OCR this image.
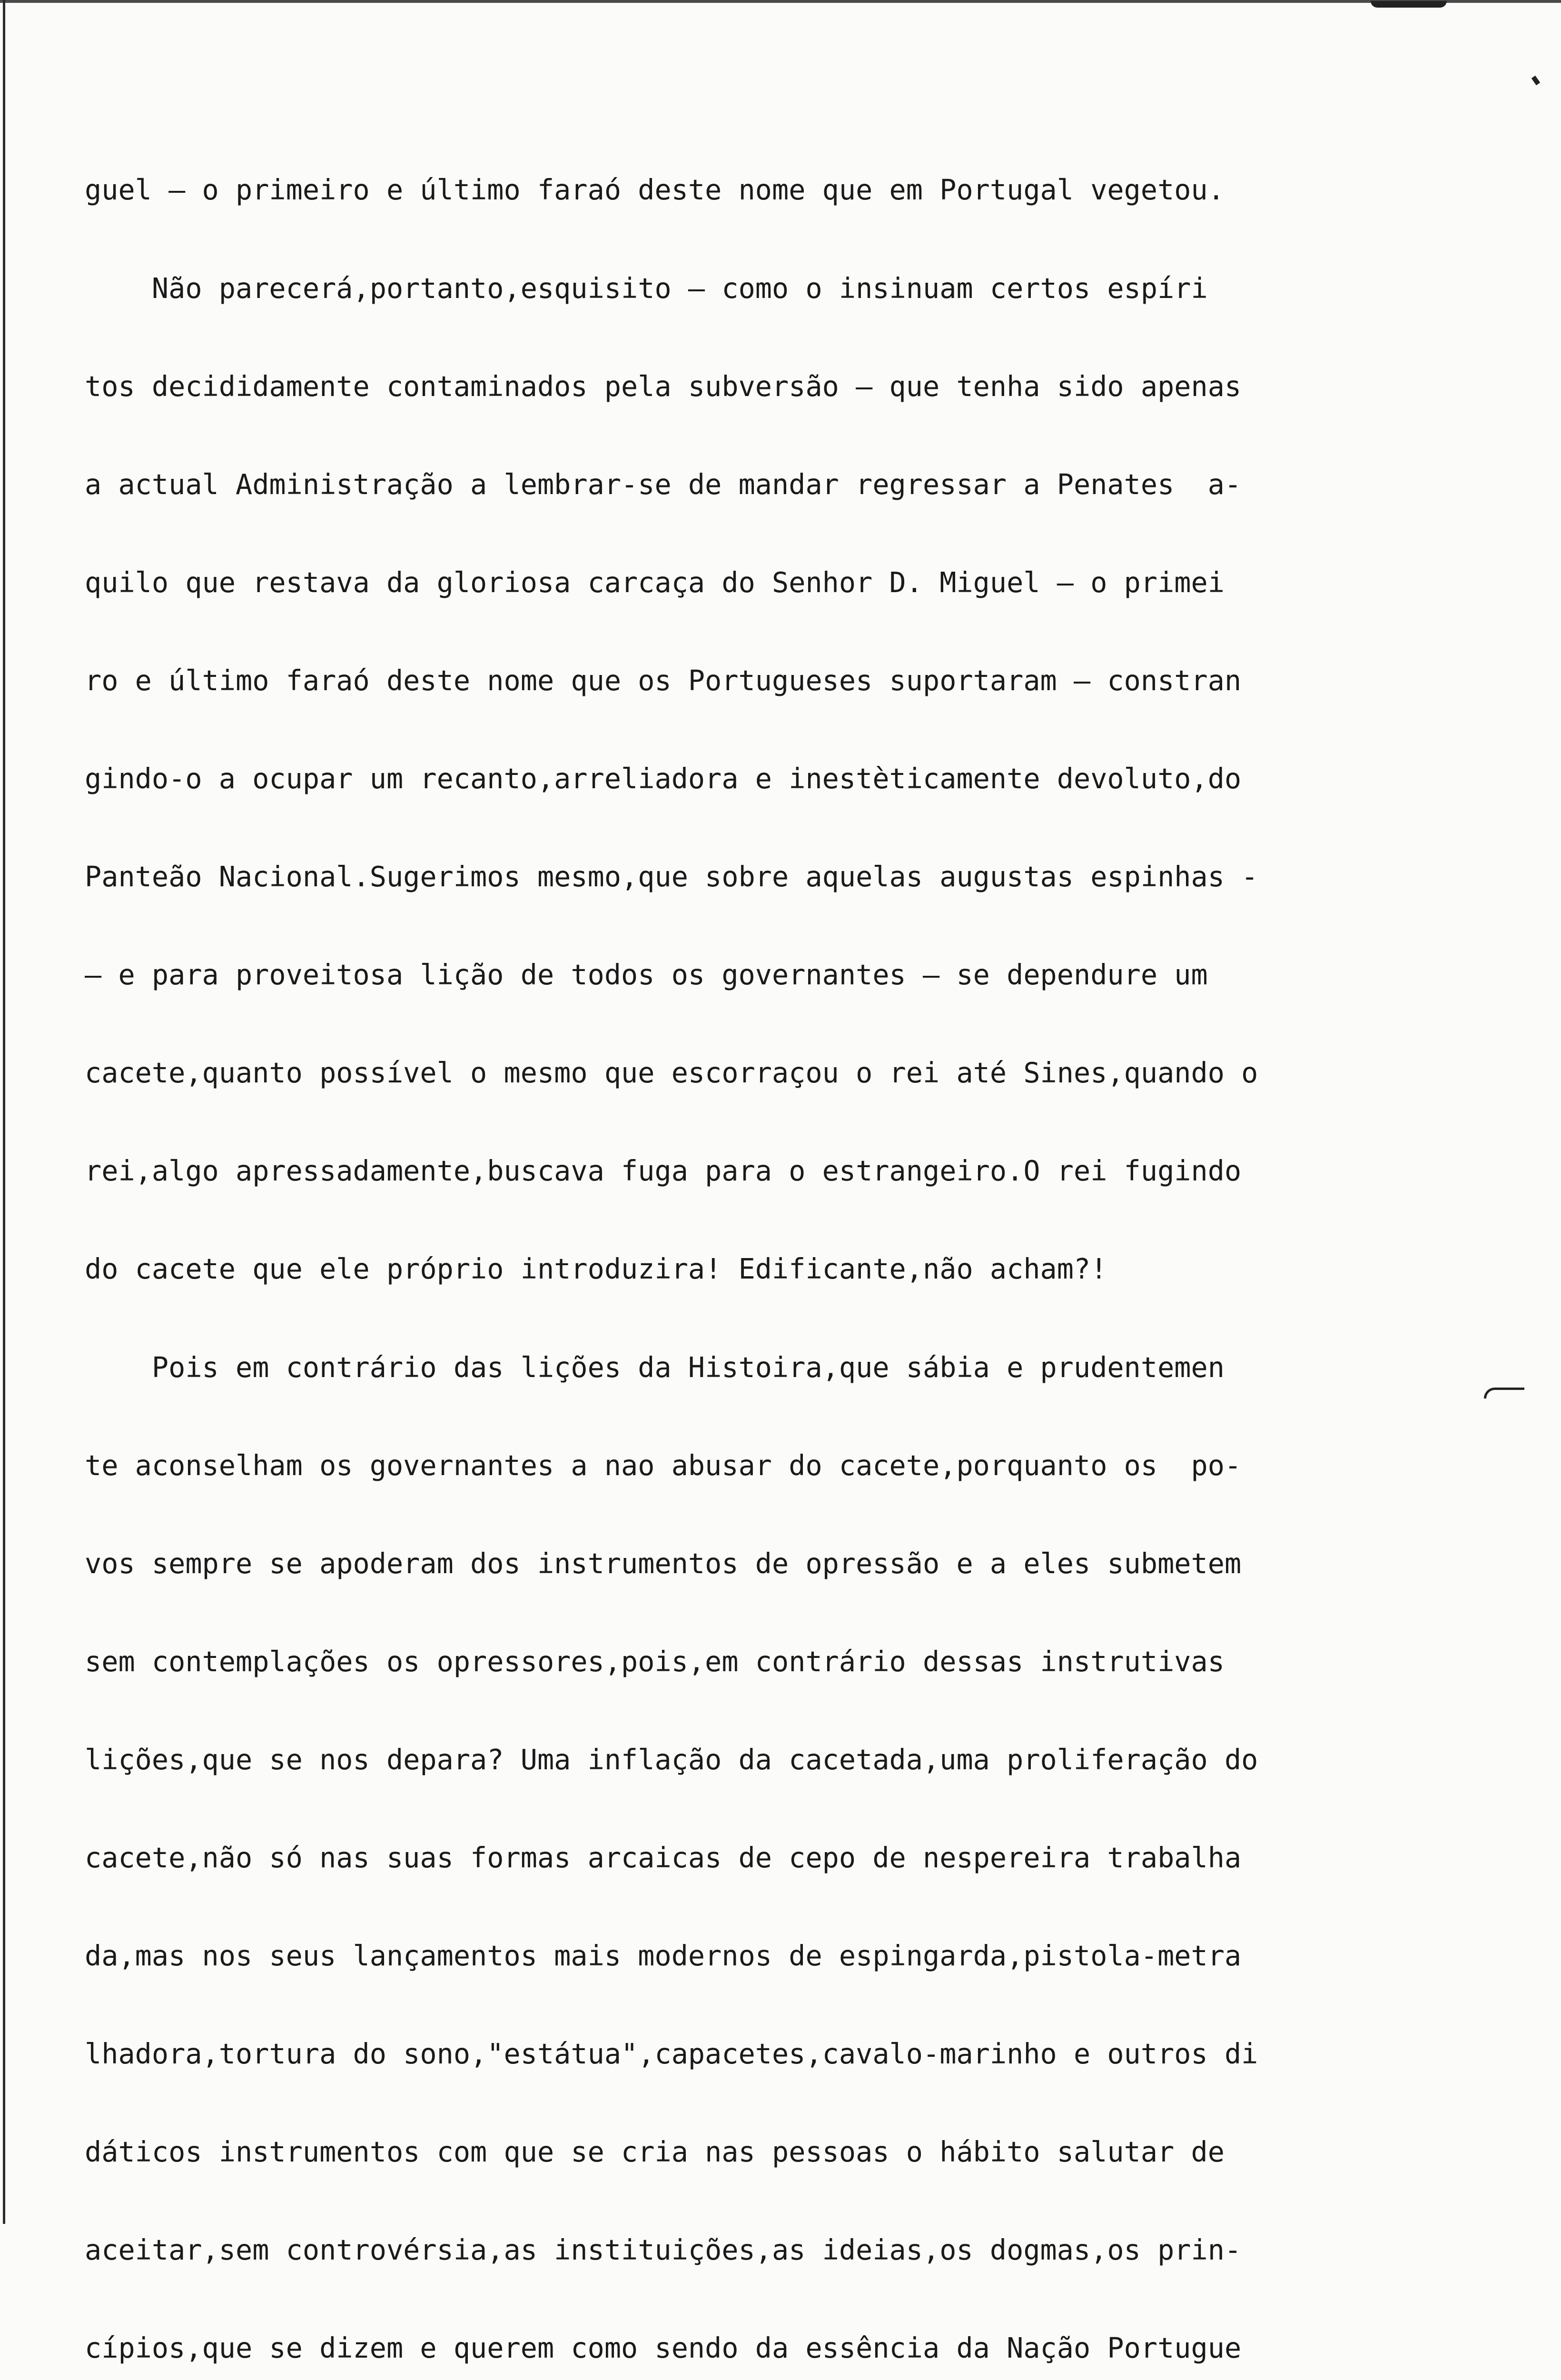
guel — o primeiro e último faraó deste nome que em Portugal vegetou.

Não parecerá,portanto,esquisito — como o insinuam certos espíri

tos decididamente contaminados pela subversão — que tenha sido apenas

a actual Administração a lembrar-se de mandar regressar a Penates  a-

quilo que restava da gloriosa carcaça do Senhor D. Miguel — o primei

ro e último faraó deste nome que os Portugueses suportaram — constran

gindo-o a ocupar um recanto,arreliadora e inestèticamente devoluto,do

Panteão Nacional.Sugerimos mesmo,que sobre aquelas augustas espinhas -

— e para proveitosa lição de todos os governantes — se dependure um

cacete,quanto possível o mesmo que escorraçou o rei até Sines,quando o

rei,algo apressadamente,buscava fuga para o estrangeiro.O rei fugindo

do cacete que ele próprio introduzira! Edificante,não acham?!

Pois em contrário das lições da Histoira,que sábia e prudentemen

te aconselham os governantes a nao abusar do cacete,porquanto os  po-

vos sempre se apoderam dos instrumentos de opressão e a eles submetem

sem contemplações os opressores,pois,em contrário dessas instrutivas

lições,que se nos depara? Uma inflação da cacetada,uma proliferação do

cacete,não só nas suas formas arcaicas de cepo de nespereira trabalha

da,mas nos seus lançamentos mais modernos de espingarda,pistola-metra

lhadora,tortura do sono,"estátua",capacetes,cavalo-marinho e outros di

dáticos instrumentos com que se cria nas pessoas o hábito salutar de

aceitar,sem controvérsia,as instituições,as ideias,os dogmas,os prin-

cípios,que se dizem e querem como sendo da essência da Nação Portugue
